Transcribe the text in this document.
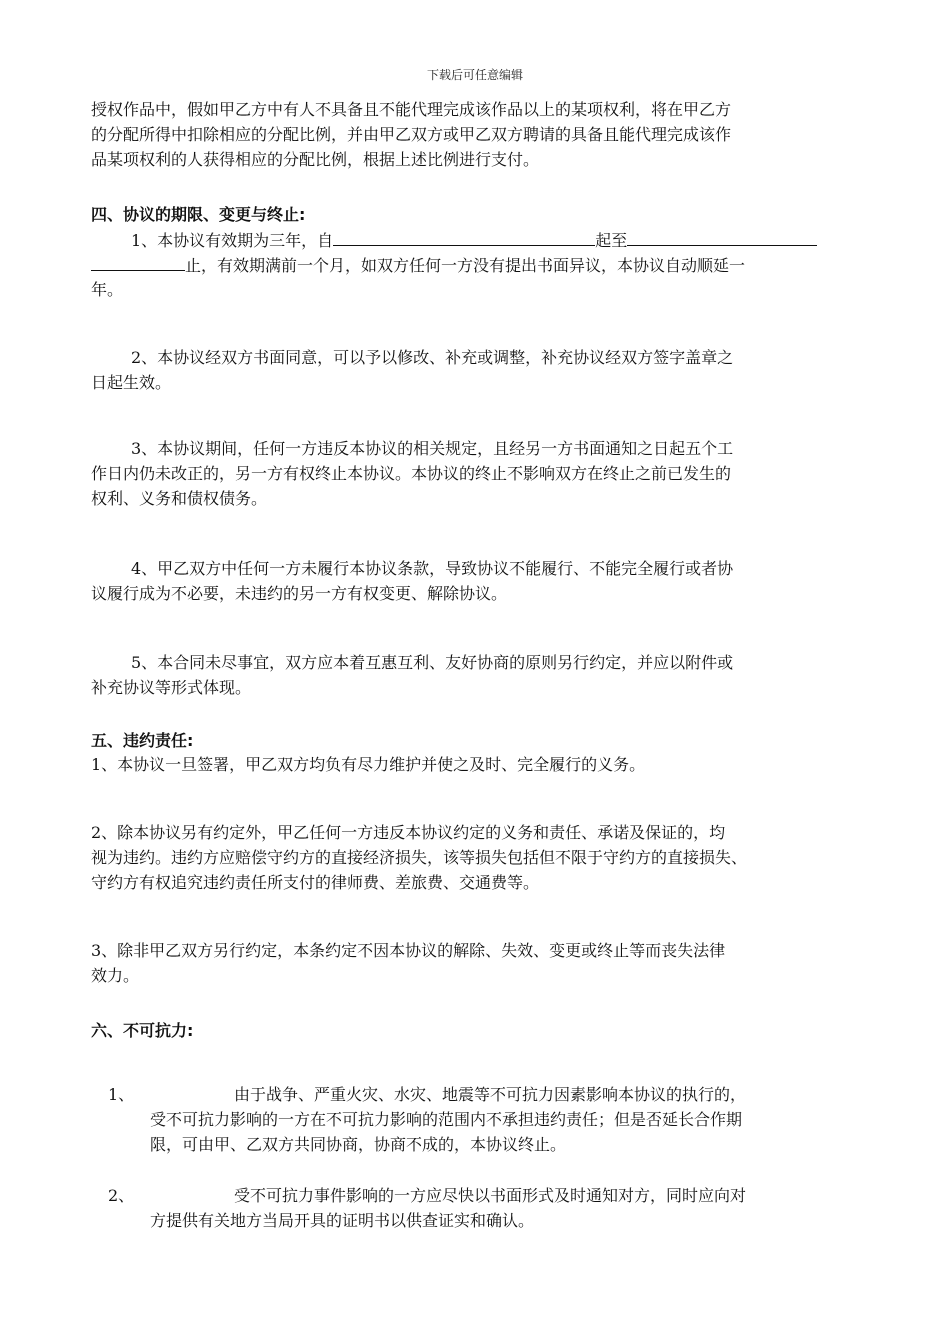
下载后可任意编辑
授权作品中，假如甲乙方中有人不具备且不能代理完成该作品以上的某项权利，将在甲乙方
的分配所得中扣除相应的分配比例，并由甲乙双方或甲乙双方聘请的具备且能代理完成该作
品某项权利的人获得相应的分配比例，根据上述比例进行支付。
四、协议的期限、变更与终止:
1、本协议有效期为三年，自	起至
止，有效期满前一个月，如双方任何一方没有提出书面异议，本协议自动顺延一
年。
2、本协议经双方书面同意，可以予以修改、补充或调整，补充协议经双方签字盖章之
日起生效。
3、本协议期间，任何一方违反本协议的相关规定，且经另一方书面通知之日起五个工
作日内仍未改正的，另一方有权终止本协议。本协议的终止不影响双方在终止之前已发生的
权利、义务和债权债务。
4、甲乙双方中任何一方未履行本协议条款，导致协议不能履行、不能完全履行或者协
议履行成为不必要，未违约的另一方有权变更、解除协议。
5、本合同未尽事宜，双方应本着互惠互利、友好协商的原则另行约定，并应以附件或
补充协议等形式体现。
五、违约责任:
1、本协议一旦签署，甲乙双方均负有尽力维护并使之及时、完全履行的义务。
2、除本协议另有约定外，甲乙任何一方违反本协议约定的义务和责任、承诺及保证的，均
视为违约。违约方应赔偿守约方的直接经济损失，该等损失包括但不限于守约方的直接损失、
守约方有权追究违约责任所支付的律师费、差旅费、交通费等。
3、除非甲乙双方另行约定，本条约定不因本协议的解除、失效、变更或终止等而丧失法律
效力。
六、不可抗力:
1、	由于战争、严重火灾、水灾、地震等不可抗力因素影响本协议的执行的，
受不可抗力影响的一方在不可抗力影响的范围内不承担违约责任；但是否延长合作期
限，可由甲、乙双方共同协商，协商不成的，本协议终止。
2、	受不可抗力事件影响的一方应尽快以书面形式及时通知对方，同时应向对
方提供有关地方当局开具的证明书以供查证实和确认。
